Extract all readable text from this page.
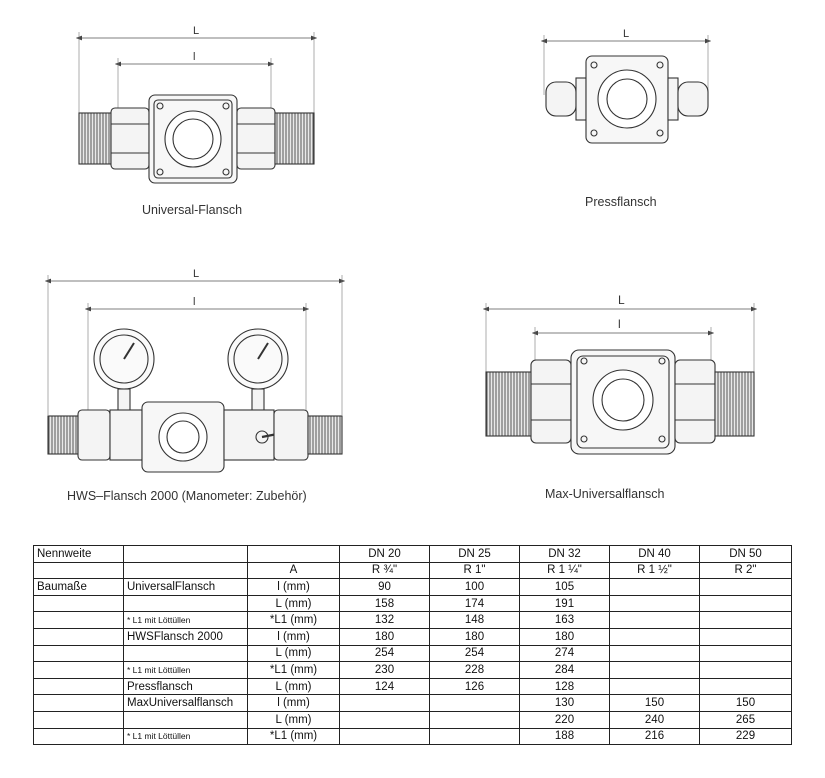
L
l
L
L
l	L
l
Universal-Flansch
Pressflansch
HWS–Flansch 2000 (Manometer: Zubehör)	Max-Universalflansch
Nennweite			DN 20	DN 25	DN 32	DN 40	DN 50
		A	R ¾"	R 1"	R 1 ¼"	R 1 ½"	R 2"
Baumaße	UniversalFlansch	l (mm)	90	100	105		
		L (mm)	158	174	191		
	* L1 mit Löttüllen	*L1 (mm)	132	148	163		
	HWSFlansch 2000	l (mm)	180	180	180		
		L (mm)	254	254	274		
	* L1 mit Löttüllen	*L1 (mm)	230	228	284		
	Pressflansch	L (mm)	124	126	128		
	MaxUniversalflansch	l (mm)			130	150	150
		L (mm)			220	240	265
	* L1 mit Löttüllen	*L1 (mm)			188	216	229
